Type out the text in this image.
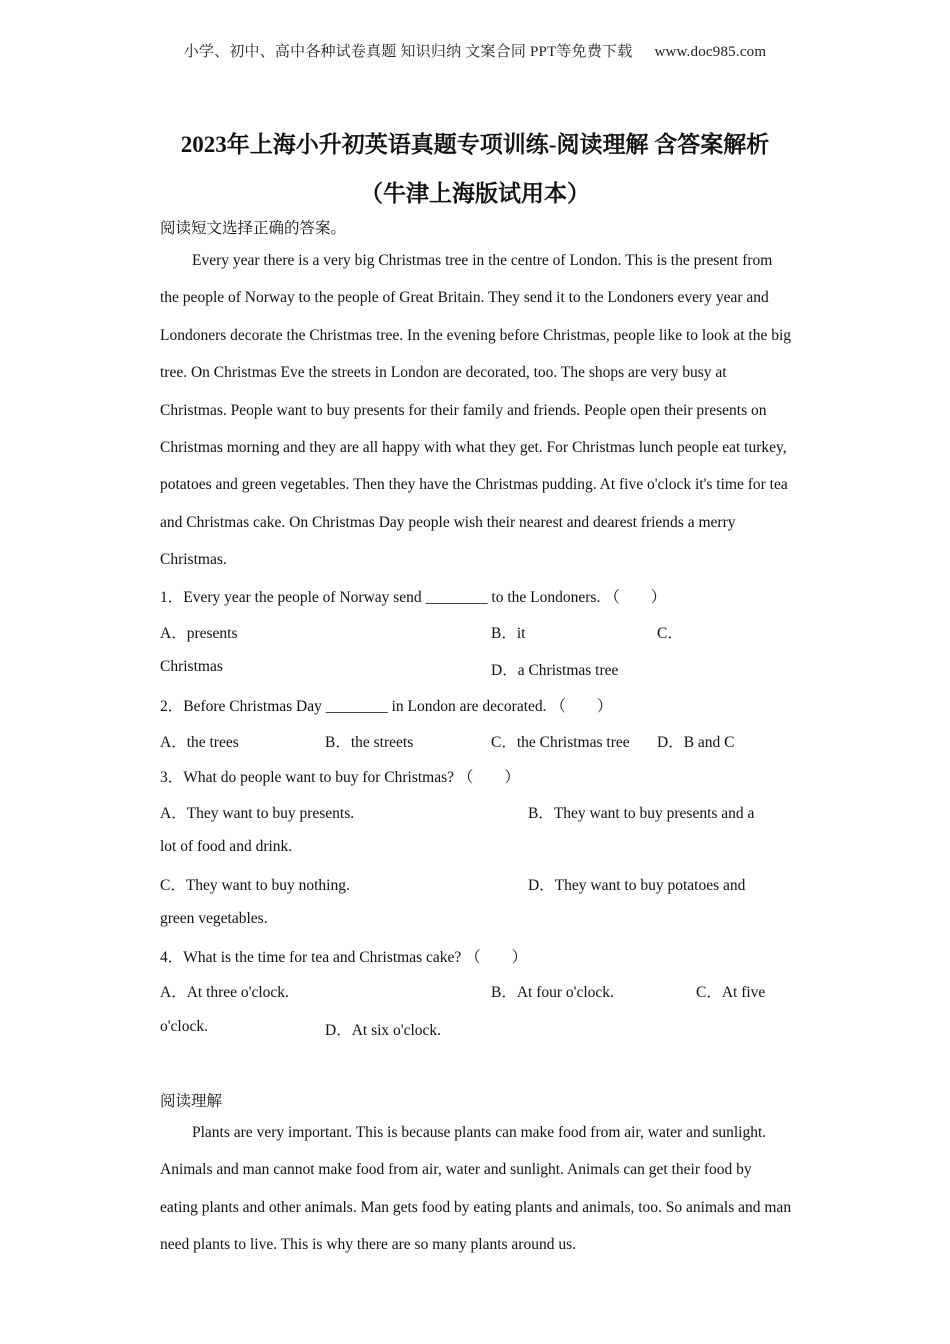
小学、初中、高中各种试卷真题 知识归纳 文案合同 PPT等免费下载 www.doc985.com
2023年上海小升初英语真题专项训练-阅读理解 含答案解析
（牛津上海版试用本）
阅读短文选择正确的答案。
Every year there is a very big Christmas tree in the centre of London. This is the present from the people of Norway to the people of Great Britain. They send it to the Londoners every year and Londoners decorate the Christmas tree. In the evening before Christmas, people like to look at the big tree. On Christmas Eve the streets in London are decorated, too. The shops are very busy at Christmas. People want to buy presents for their family and friends. People open their presents on Christmas morning and they are all happy with what they get. For Christmas lunch people eat turkey, potatoes and green vegetables. Then they have the Christmas pudding. At five o'clock it's time for tea and Christmas cake. On Christmas Day people wish their nearest and dearest friends a merry Christmas.
1．Every year the people of Norway send ________ to the Londoners. （　　）
A．presents	B．it	C．
Christmas	D．a Christmas tree
2．Before Christmas Day ________ in London are decorated. （　　）
A．the trees	B．the streets	C．the Christmas tree D．B and C
3．What do people want to buy for Christmas? （　　）
A．They want to buy presents.	B．They want to buy presents and a
lot of food and drink.
C．They want to buy nothing.	D．They want to buy potatoes and
green vegetables.
4．What is the time for tea and Christmas cake? （　　）
A．At three o'clock.	B．At four o'clock.	C．At five
o'clock.	D．At six o'clock.
阅读理解
Plants are very important. This is because plants can make food from air, water and sunlight. Animals and man cannot make food from air, water and sunlight. Animals can get their food by eating plants and other animals. Man gets food by eating plants and animals, too. So animals and man need plants to live. This is why there are so many plants around us.
